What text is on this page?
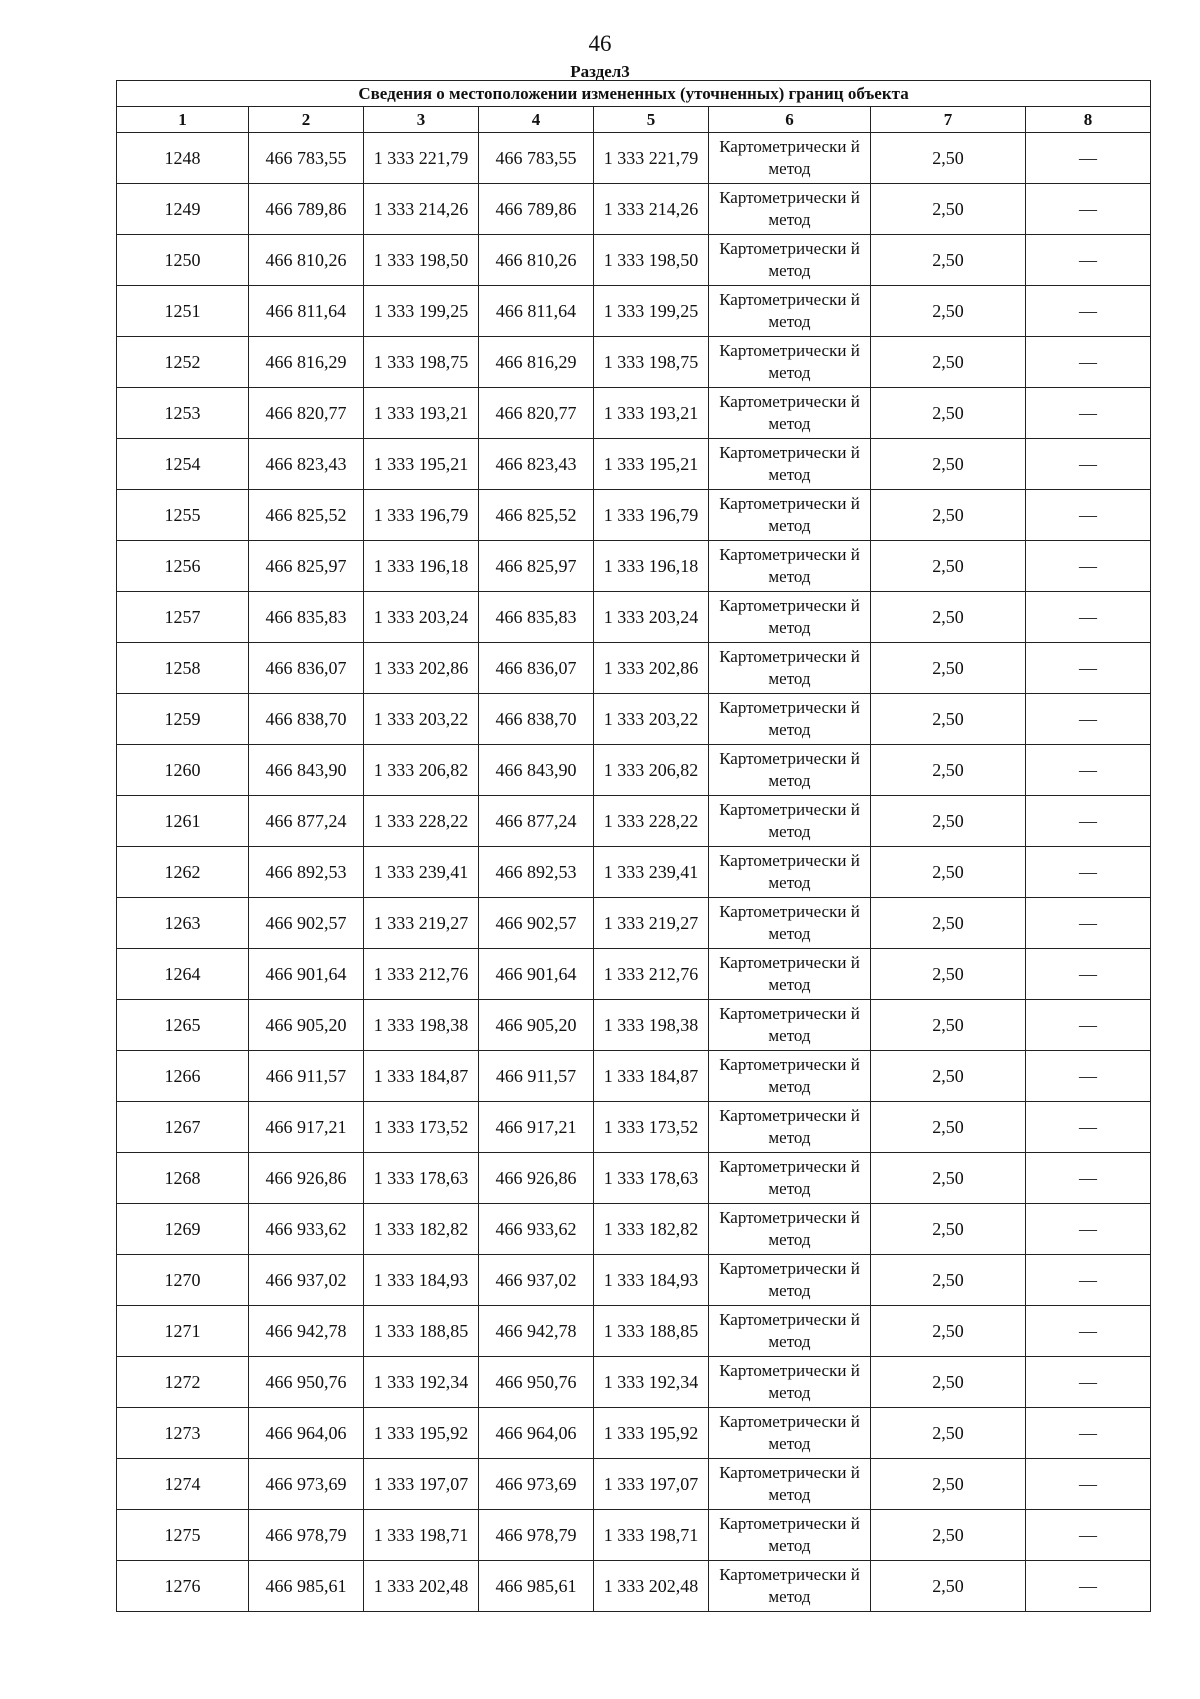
46
Раздел3
Сведения о местоположении измененных (уточненных) границ объекта							
1	2	3	4	5	6	7	8
1248	466 783,55	1 333 221,79	466 783,55	1 333 221,79	Картометрически й метод	2,50	—
1249	466 789,86	1 333 214,26	466 789,86	1 333 214,26	Картометрически й метод	2,50	—
1250	466 810,26	1 333 198,50	466 810,26	1 333 198,50	Картометрически й метод	2,50	—
1251	466 811,64	1 333 199,25	466 811,64	1 333 199,25	Картометрически й метод	2,50	—
1252	466 816,29	1 333 198,75	466 816,29	1 333 198,75	Картометрически й метод	2,50	—
1253	466 820,77	1 333 193,21	466 820,77	1 333 193,21	Картометрически й метод	2,50	—
1254	466 823,43	1 333 195,21	466 823,43	1 333 195,21	Картометрически й метод	2,50	—
1255	466 825,52	1 333 196,79	466 825,52	1 333 196,79	Картометрически й метод	2,50	—
1256	466 825,97	1 333 196,18	466 825,97	1 333 196,18	Картометрически й метод	2,50	—
1257	466 835,83	1 333 203,24	466 835,83	1 333 203,24	Картометрически й метод	2,50	—
1258	466 836,07	1 333 202,86	466 836,07	1 333 202,86	Картометрически й метод	2,50	—
1259	466 838,70	1 333 203,22	466 838,70	1 333 203,22	Картометрически й метод	2,50	—
1260	466 843,90	1 333 206,82	466 843,90	1 333 206,82	Картометрически й метод	2,50	—
1261	466 877,24	1 333 228,22	466 877,24	1 333 228,22	Картометрически й метод	2,50	—
1262	466 892,53	1 333 239,41	466 892,53	1 333 239,41	Картометрически й метод	2,50	—
1263	466 902,57	1 333 219,27	466 902,57	1 333 219,27	Картометрически й метод	2,50	—
1264	466 901,64	1 333 212,76	466 901,64	1 333 212,76	Картометрически й метод	2,50	—
1265	466 905,20	1 333 198,38	466 905,20	1 333 198,38	Картометрически й метод	2,50	—
1266	466 911,57	1 333 184,87	466 911,57	1 333 184,87	Картометрически й метод	2,50	—
1267	466 917,21	1 333 173,52	466 917,21	1 333 173,52	Картометрически й метод	2,50	—
1268	466 926,86	1 333 178,63	466 926,86	1 333 178,63	Картометрически й метод	2,50	—
1269	466 933,62	1 333 182,82	466 933,62	1 333 182,82	Картометрически й метод	2,50	—
1270	466 937,02	1 333 184,93	466 937,02	1 333 184,93	Картометрически й метод	2,50	—
1271	466 942,78	1 333 188,85	466 942,78	1 333 188,85	Картометрически й метод	2,50	—
1272	466 950,76	1 333 192,34	466 950,76	1 333 192,34	Картометрически й метод	2,50	—
1273	466 964,06	1 333 195,92	466 964,06	1 333 195,92	Картометрически й метод	2,50	—
1274	466 973,69	1 333 197,07	466 973,69	1 333 197,07	Картометрически й метод	2,50	—
1275	466 978,79	1 333 198,71	466 978,79	1 333 198,71	Картометрически й метод	2,50	—
1276	466 985,61	1 333 202,48	466 985,61	1 333 202,48	Картометрически й метод	2,50	—
